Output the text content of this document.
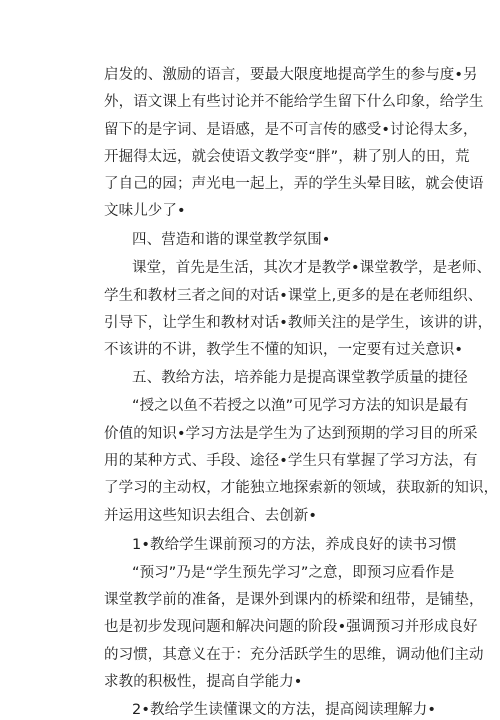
启发的、激励的语言，要最大限度地提高学生的参与度•另
外，语文课上有些讨论并不能给学生留下什么印象，给学生
留下的是字词、是语感，是不可言传的感受•讨论得太多，
开掘得太远，就会使语文教学变“胖”，耕了别人的田，荒
了自己的园；声光电一起上，弄的学生头晕目眩，就会使语
文味儿少了•
四、营造和谐的课堂教学氛围•
课堂，首先是生活，其次才是教学•课堂教学，是老师、
学生和教材三者之间的对话•课堂上,更多的是在老师组织、
引导下，让学生和教材对话•教师关注的是学生，该讲的讲，
不该讲的不讲，教学生不懂的知识，一定要有过关意识•
五、教给方法，培养能力是提高课堂教学质量的捷径
“授之以鱼不若授之以渔”可见学习方法的知识是最有
价值的知识•学习方法是学生为了达到预期的学习目的所采
用的某种方式、手段、途径•学生只有掌握了学习方法，有
了学习的主动权，才能独立地探索新的领域，获取新的知识，
并运用这些知识去组合、去创新•
1•教给学生课前预习的方法，养成良好的读书习惯
“预习”乃是“学生预先学习”之意，即预习应看作是
课堂教学前的准备，是课外到课内的桥梁和纽带，是铺垫，
也是初步发现问题和解决问题的阶段•强调预习并形成良好
的习惯，其意义在于：充分活跃学生的思维，调动他们主动
求教的积极性，提高自学能力•
2•教给学生读懂课文的方法，提高阅读理解力•
